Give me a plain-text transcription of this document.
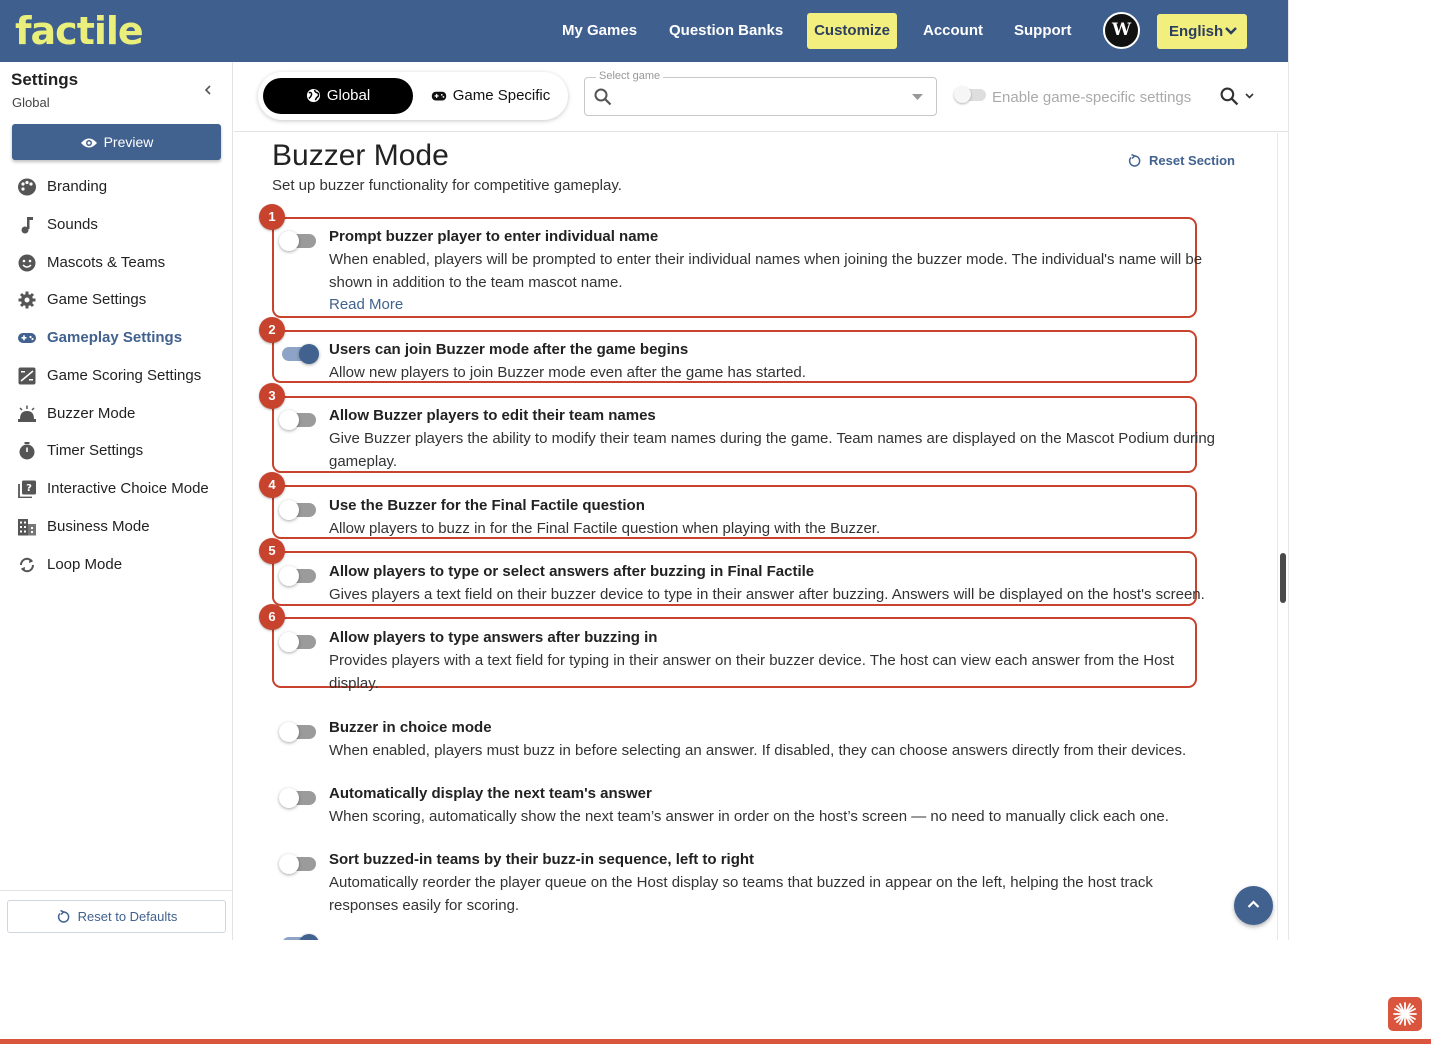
factile	My Games Question Banks	Customize	Account Support	W	English
Settings
Global
Preview
Branding
Sounds
Mascots & Teams
Game Settings
Gameplay Settings
Game Scoring Settings
Buzzer Mode
Timer Settings
? Interactive Choice Mode
Business Mode
Loop Mode
Reset to Defaults
Global	Game Specific
Select game
Enable game-specific settings
Buzzer Mode
Set up buzzer functionality for competitive gameplay.
Reset Section
1
Prompt buzzer player to enter individual name
When enabled, players will be prompted to enter their individual names when joining the buzzer mode. The individual's name will be shown in addition to the team mascot name.
Read More
2
Users can join Buzzer mode after the game begins
Allow new players to join Buzzer mode even after the game has started.
3
Allow Buzzer players to edit their team names
Give Buzzer players the ability to modify their team names during the game. Team names are displayed on the Mascot Podium during gameplay.
4
Use the Buzzer for the Final Factile question
Allow players to buzz in for the Final Factile question when playing with the Buzzer.
5
Allow players to type or select answers after buzzing in Final Factile
Gives players a text field on their buzzer device to type in their answer after buzzing. Answers will be displayed on the host's screen.
6
Allow players to type answers after buzzing in
Provides players with a text field for typing in their answer on their buzzer device. The host can view each answer from the Host display.
Buzzer in choice mode
When enabled, players must buzz in before selecting an answer. If disabled, they can choose answers directly from their devices.
Automatically display the next team's answer
When scoring, automatically show the next team’s answer in order on the host’s screen — no need to manually click each one.
Sort buzzed-in teams by their buzz-in sequence, left to right
Automatically reorder the player queue on the Host display so teams that buzzed in appear on the left, helping the host track responses easily for scoring.
